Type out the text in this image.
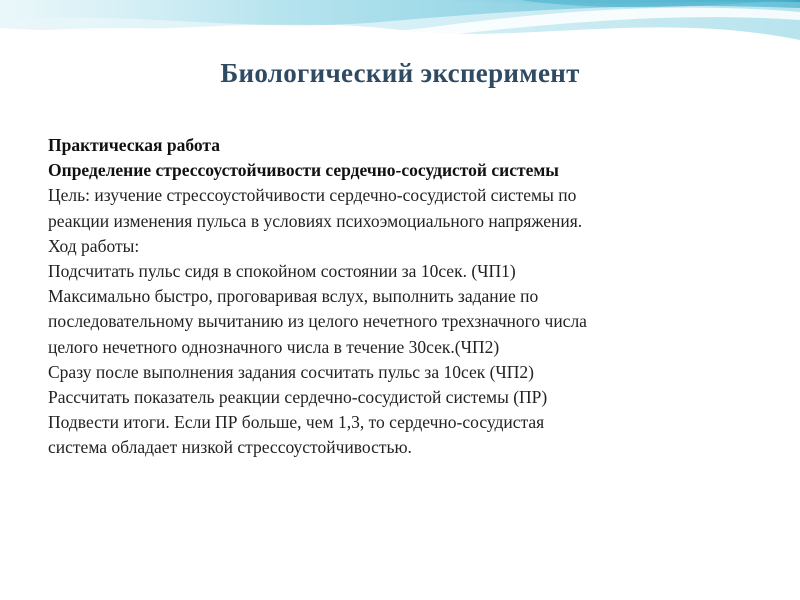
Биологический эксперимент
Практическая работа
Определение стрессоустойчивости сердечно-сосудистой системы
Цель: изучение стрессоустойчивости сердечно-сосудистой системы по
реакции изменения пульса в условиях психоэмоциального напряжения.
Ход работы:
Подсчитать пульс сидя в спокойном состоянии за 10сек. (ЧП1)
Максимально быстро, проговаривая вслух, выполнить задание по
последовательному вычитанию из целого нечетного трехзначного числа
целого нечетного однозначного числа в течение 30сек.(ЧП2)
Сразу после выполнения задания сосчитать пульс за 10сек (ЧП2)
Рассчитать показатель реакции сердечно-сосудистой системы (ПР)
Подвести итоги. Если ПР больше, чем 1,3, то сердечно-сосудистая
система обладает низкой стрессоустойчивостью.
